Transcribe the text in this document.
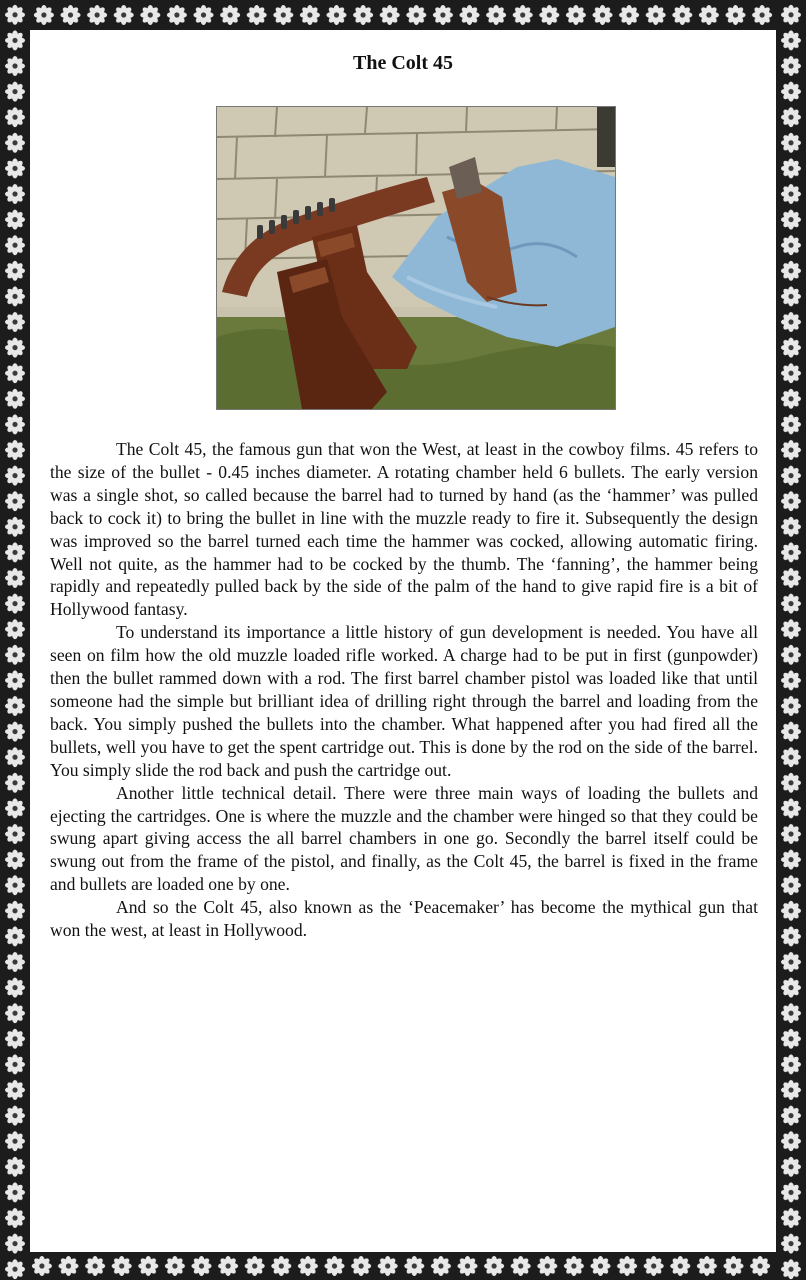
The Colt 45

The Colt 45, the famous gun that won the West, at least in the cowboy films. 45 refers to the size of the bullet - 0.45 inches diameter. A rotating chamber held 6 bullets. The early version was a single shot, so called because the barrel had to turned by hand (as the ‘hammer’ was pulled back to cock it) to bring the bullet in line with the muzzle ready to fire it. Subsequently the design was improved so the barrel turned each time the hammer was cocked, allowing automatic firing. Well not quite, as the hammer had to be cocked by the thumb. The ‘fanning’, the hammer being rapidly and repeatedly pulled back by the side of the palm of the hand to give rapid fire is a bit of Hollywood fantasy.

To understand its importance a little history of gun development is needed. You have all seen on film how the old muzzle loaded rifle worked. A charge had to be put in first (gunpowder) then the bullet rammed down with a rod. The first barrel chamber pistol was loaded like that until someone had the simple but brilliant idea of drilling right through the barrel and loading from the back. You simply pushed the bullets into the chamber. What happened after you had fired all the bullets, well you have to get the spent cartridge out. This is done by the rod on the side of the barrel. You simply slide the rod back and push the cartridge out.

Another little technical detail. There were three main ways of loading the bullets and ejecting the cartridges. One is where the muzzle and the chamber were hinged so that they could be swung apart giving access the all barrel chambers in one go. Secondly the barrel itself could be swung out from the frame of the pistol, and finally, as the Colt 45, the barrel is fixed in the frame and bullets are loaded one by one.

And so the Colt 45, also known as the ‘Peacemaker’ has become the mythical gun that won the west, at least in Hollywood.
